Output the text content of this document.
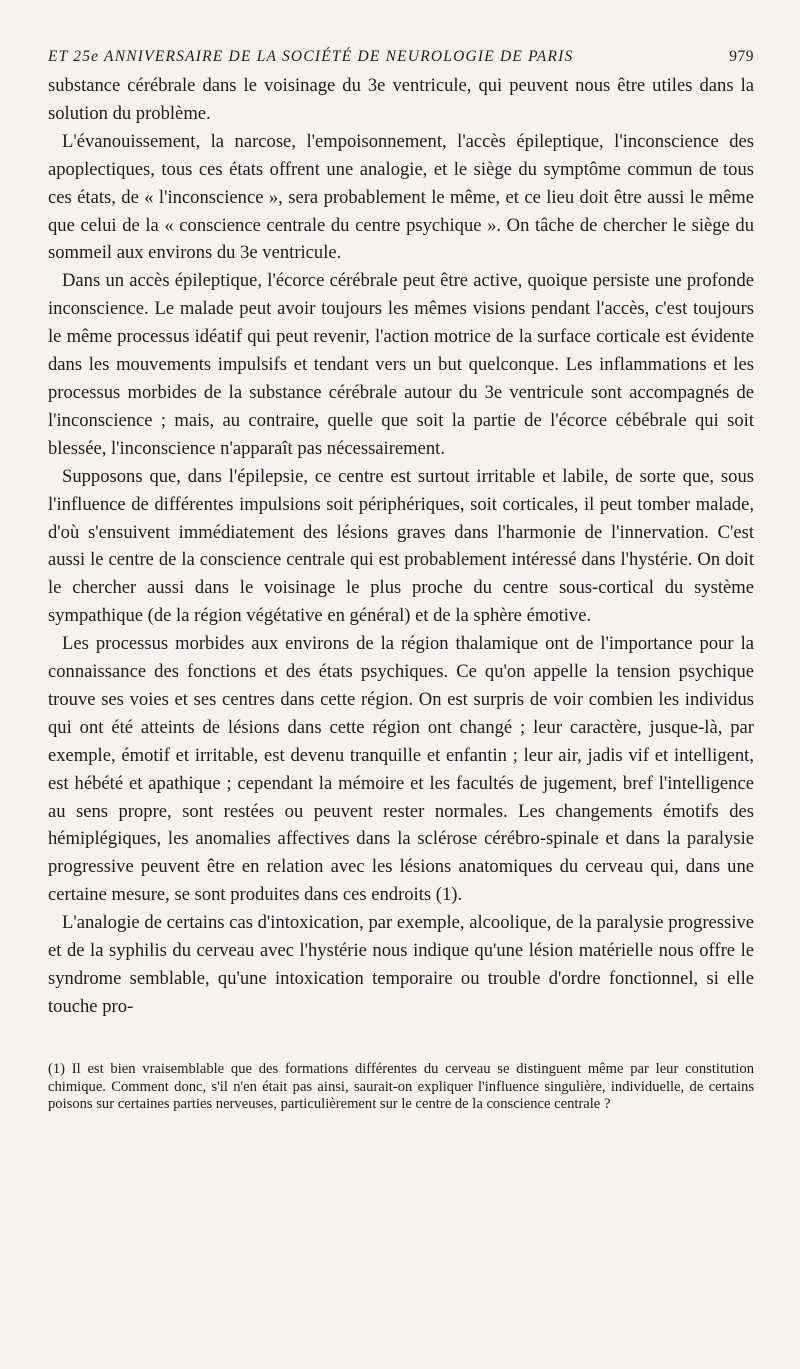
ET 25e ANNIVERSAIRE DE LA SOCIÉTÉ DE NEUROLOGIE DE PARIS	979

substance cérébrale dans le voisinage du 3e ventricule, qui peuvent nous être utiles dans la solution du problème.

L'évanouissement, la narcose, l'empoisonnement, l'accès épileptique, l'inconscience des apoplectiques, tous ces états offrent une analogie, et le siège du symptôme commun de tous ces états, de « l'inconscience », sera probablement le même, et ce lieu doit être aussi le même que celui de la « conscience centrale du centre psychique ». On tâche de chercher le siège du sommeil aux environs du 3e ventricule.

Dans un accès épileptique, l'écorce cérébrale peut être active, quoique persiste une profonde inconscience. Le malade peut avoir toujours les mêmes visions pendant l'accès, c'est toujours le même processus idéatif qui peut revenir, l'action motrice de la surface corticale est évidente dans les mouvements impulsifs et tendant vers un but quelconque. Les inflammations et les processus morbides de la substance cérébrale autour du 3e ventricule sont accompagnés de l'inconscience ; mais, au contraire, quelle que soit la partie de l'écorce cébébrale qui soit blessée, l'inconscience n'apparaît pas nécessairement.

Supposons que, dans l'épilepsie, ce centre est surtout irritable et labile, de sorte que, sous l'influence de différentes impulsions soit périphériques, soit corticales, il peut tomber malade, d'où s'ensuivent immédiatement des lésions graves dans l'harmonie de l'innervation. C'est aussi le centre de la conscience centrale qui est probablement intéressé dans l'hystérie. On doit le chercher aussi dans le voisinage le plus proche du centre sous-cortical du système sympathique (de la région végétative en général) et de la sphère émotive.

Les processus morbides aux environs de la région thalamique ont de l'importance pour la connaissance des fonctions et des états psychiques. Ce qu'on appelle la tension psychique trouve ses voies et ses centres dans cette région. On est surpris de voir combien les individus qui ont été atteints de lésions dans cette région ont changé ; leur caractère, jusque-là, par exemple, émotif et irritable, est devenu tranquille et enfantin ; leur air, jadis vif et intelligent, est hébété et apathique ; cependant la mémoire et les facultés de jugement, bref l'intelligence au sens propre, sont restées ou peuvent rester normales. Les changements émotifs des hémiplégiques, les anomalies affectives dans la sclérose cérébro-spinale et dans la paralysie progressive peuvent être en relation avec les lésions anatomiques du cerveau qui, dans une certaine mesure, se sont produites dans ces endroits (1).

L'analogie de certains cas d'intoxication, par exemple, alcoolique, de la paralysie progressive et de la syphilis du cerveau avec l'hystérie nous indique qu'une lésion matérielle nous offre le syndrome semblable, qu'une intoxication temporaire ou trouble d'ordre fonctionnel, si elle touche pro-

(1) Il est bien vraisemblable que des formations différentes du cerveau se distinguent même par leur constitution chimique. Comment donc, s'il n'en était pas ainsi, saurait-on expliquer l'influence singulière, individuelle, de certains poisons sur certaines parties nerveuses, particulièrement sur le centre de la conscience centrale ?
